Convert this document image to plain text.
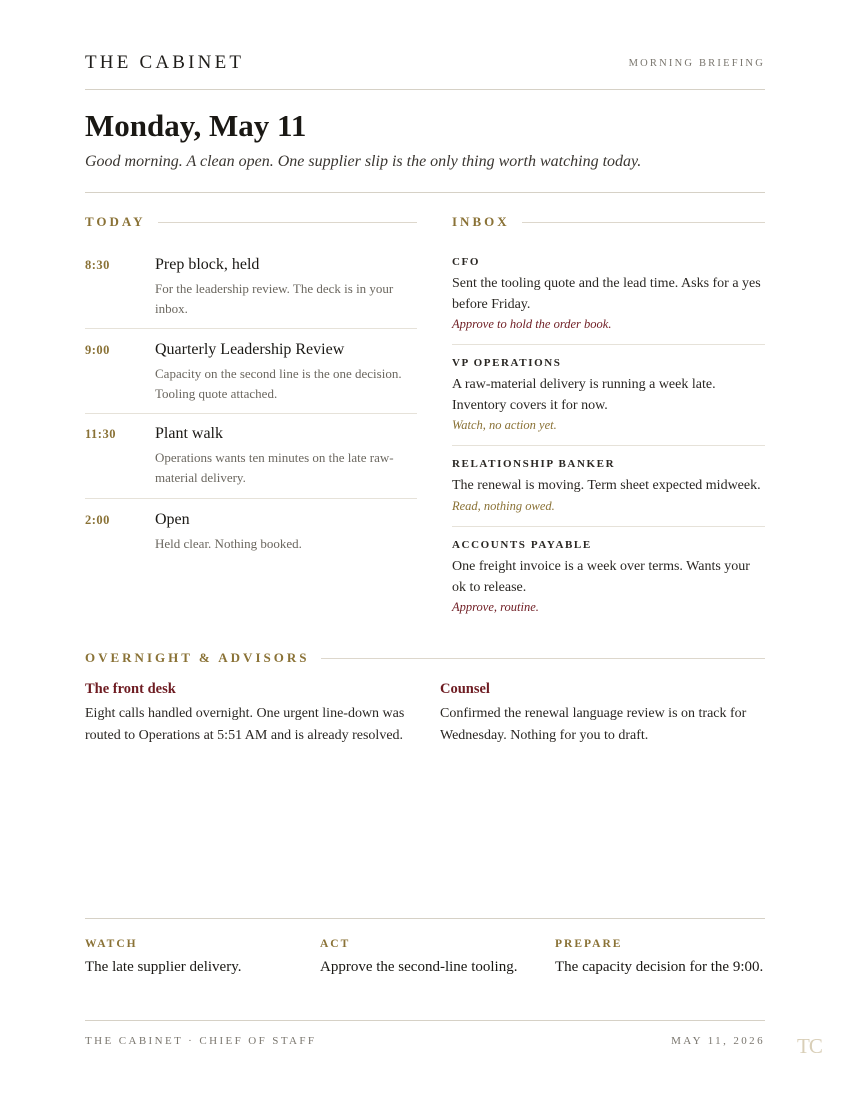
THE CABINET	MORNING BRIEFING
Monday, May 11
Good morning. A clean open. One supplier slip is the only thing worth watching today.
TODAY
8:30	Prep block, held
For the leadership review. The deck is in your inbox.
9:00	Quarterly Leadership Review
Capacity on the second line is the one decision. Tooling quote attached.
11:30 Plant walk
Operations wants ten minutes on the late raw-material delivery.
2:00	Open
Held clear. Nothing booked.
INBOX
CFO
Sent the tooling quote and the lead time. Asks for a yes before Friday.
Approve to hold the order book.
VP OPERATIONS
A raw-material delivery is running a week late. Inventory covers it for now.
Watch, no action yet.
RELATIONSHIP BANKER
The renewal is moving. Term sheet expected midweek.
Read, nothing owed.
ACCOUNTS PAYABLE
One freight invoice is a week over terms. Wants your ok to release.
Approve, routine.
OVERNIGHT & ADVISORS
The front desk
Eight calls handled overnight. One urgent line-down was routed to Operations at 5:51 AM and is already resolved.
Counsel
Confirmed the renewal language review is on track for Wednesday. Nothing for you to draft.
WATCH
The late supplier delivery.
ACT
Approve the second-line tooling.
PREPARE
The capacity decision for the 9:00.
THE CABINET · CHIEF OF STAFF	MAY 11, 2026 TC
